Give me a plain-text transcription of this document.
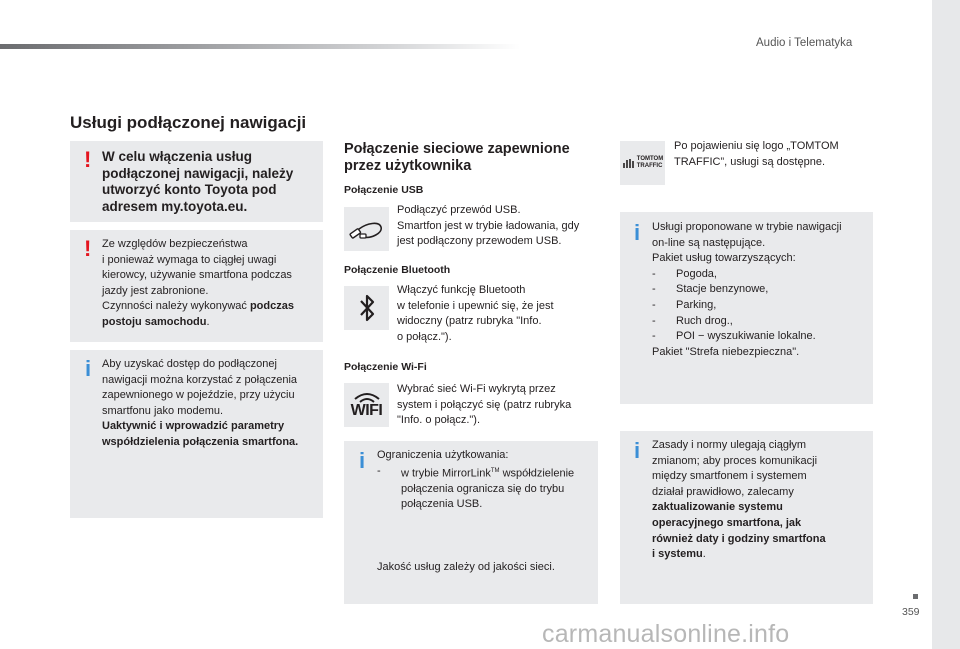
Audio i Telematyka
Usługi podłączonej nawigacji
! W celu włączenia usług podłączonej nawigacji, należy utworzyć konto Toyota pod adresem my.toyota.eu.
! Ze względów bezpieczeństwa
i ponieważ wymaga to ciągłej uwagi
kierowcy, używanie smartfona podczas
jazdy jest zabronione.
Czynności należy wykonywać podczas
postoju samochodu.
i Aby uzyskać dostęp do podłączonej
nawigacji można korzystać z połączenia
zapewnionego w pojeździe, przy użyciu
smartfonu jako modemu.
Uaktywnić i wprowadzić parametry
współdzielenia połączenia smartfona.
Połączenie sieciowe zapewnione przez użytkownika
Połączenie USB
Podłączyć przewód USB.
Smartfon jest w trybie ładowania, gdy
jest podłączony przewodem USB.
Połączenie Bluetooth
Włączyć funkcję Bluetooth
w telefonie i upewnić się, że jest
widoczny (patrz rubryka "Info.
o połącz.").
Połączenie Wi-Fi
WIFI
Wybrać sieć Wi-Fi wykrytą przez
system i połączyć się (patrz rubryka
"Info. o połącz.").
i Ograniczenia użytkowania:
-	w trybie MirrorLink™ współdzielenie
połączenia ogranicza się do trybu
połączenia USB.
Jakość usług zależy od jakości sieci.
TOMTOM
TRAFFIC
Po pojawieniu się logo „TOMTOM
TRAFFIC”, usługi są dostępne.
i Usługi proponowane w trybie nawigacji
on-line są następujące.
Pakiet usług towarzyszących:
-	Pogoda,
-	Stacje benzynowe,
-	Parking,
-	Ruch drog.,
-	POI − wyszukiwanie lokalne.
Pakiet "Strefa niebezpieczna".
i Zasady i normy ulegają ciągłym
zmianom; aby proces komunikacji
między smartfonem i systemem
działał prawidłowo, zalecamy
zaktualizowanie systemu
operacyjnego smartfona, jak
również daty i godziny smartfona
i systemu.
359
carmanualsonline.info
